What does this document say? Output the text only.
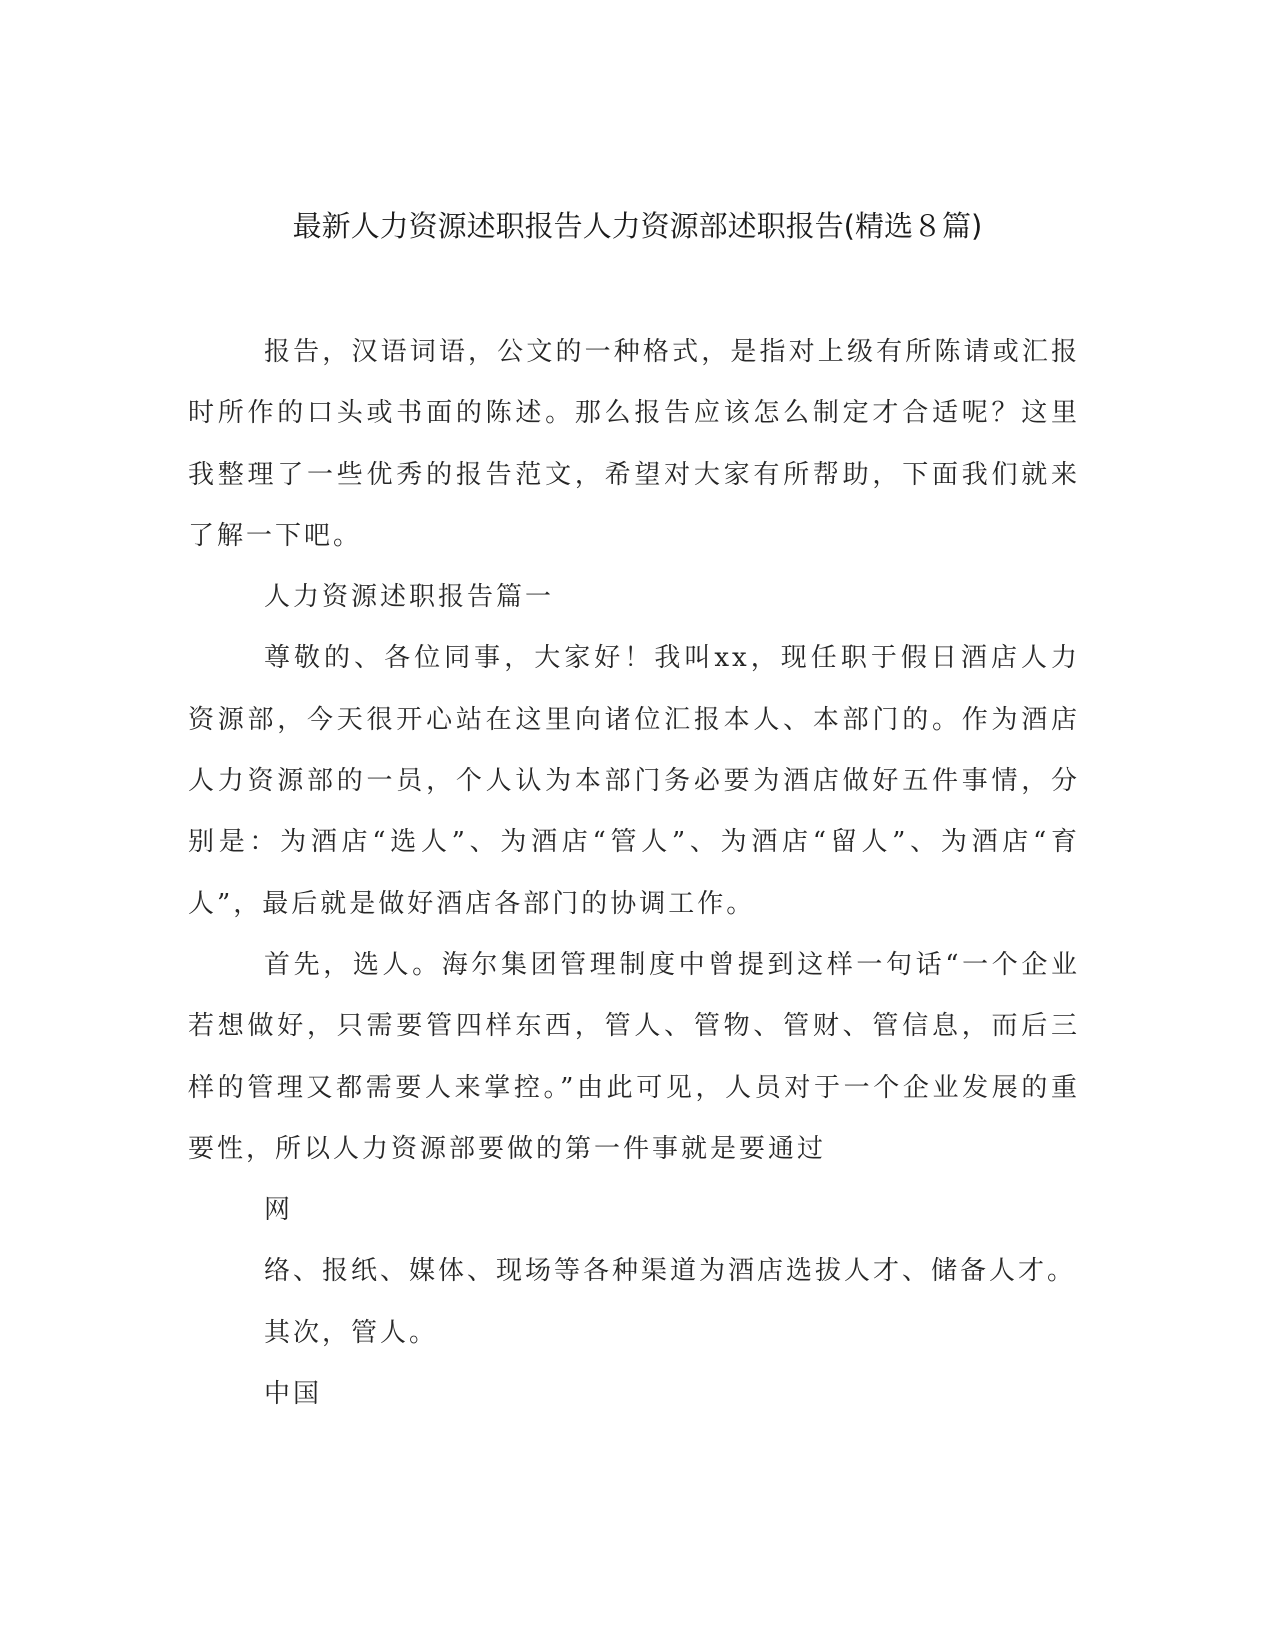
最新人力资源述职报告人力资源部述职报告(精选８篇)

报告，汉语词语，公文的一种格式，是指对上级有所陈请或汇报时所作的口头或书面的陈述。那么报告应该怎么制定才合适呢？这里我整理了一些优秀的报告范文，希望对大家有所帮助，下面我们就来了解一下吧。

人力资源述职报告篇一

尊敬的、各位同事，大家好！我叫xx，现任职于假日酒店人力资源部，今天很开心站在这里向诸位汇报本人、本部门的。作为酒店人力资源部的一员，个人认为本部门务必要为酒店做好五件事情，分别是：为酒店“选人”、为酒店“管人”、为酒店“留人”、为酒店“育人”，最后就是做好酒店各部门的协调工作。

首先，选人。海尔集团管理制度中曾提到这样一句话“一个企业若想做好，只需要管四样东西，管人、管物、管财、管信息，而后三样的管理又都需要人来掌控。”由此可见，人员对于一个企业发展的重要性，所以人力资源部要做的第一件事就是要通过

网

络、报纸、媒体、现场等各种渠道为酒店选拔人才、储备人才。

其次，管人。

中国
